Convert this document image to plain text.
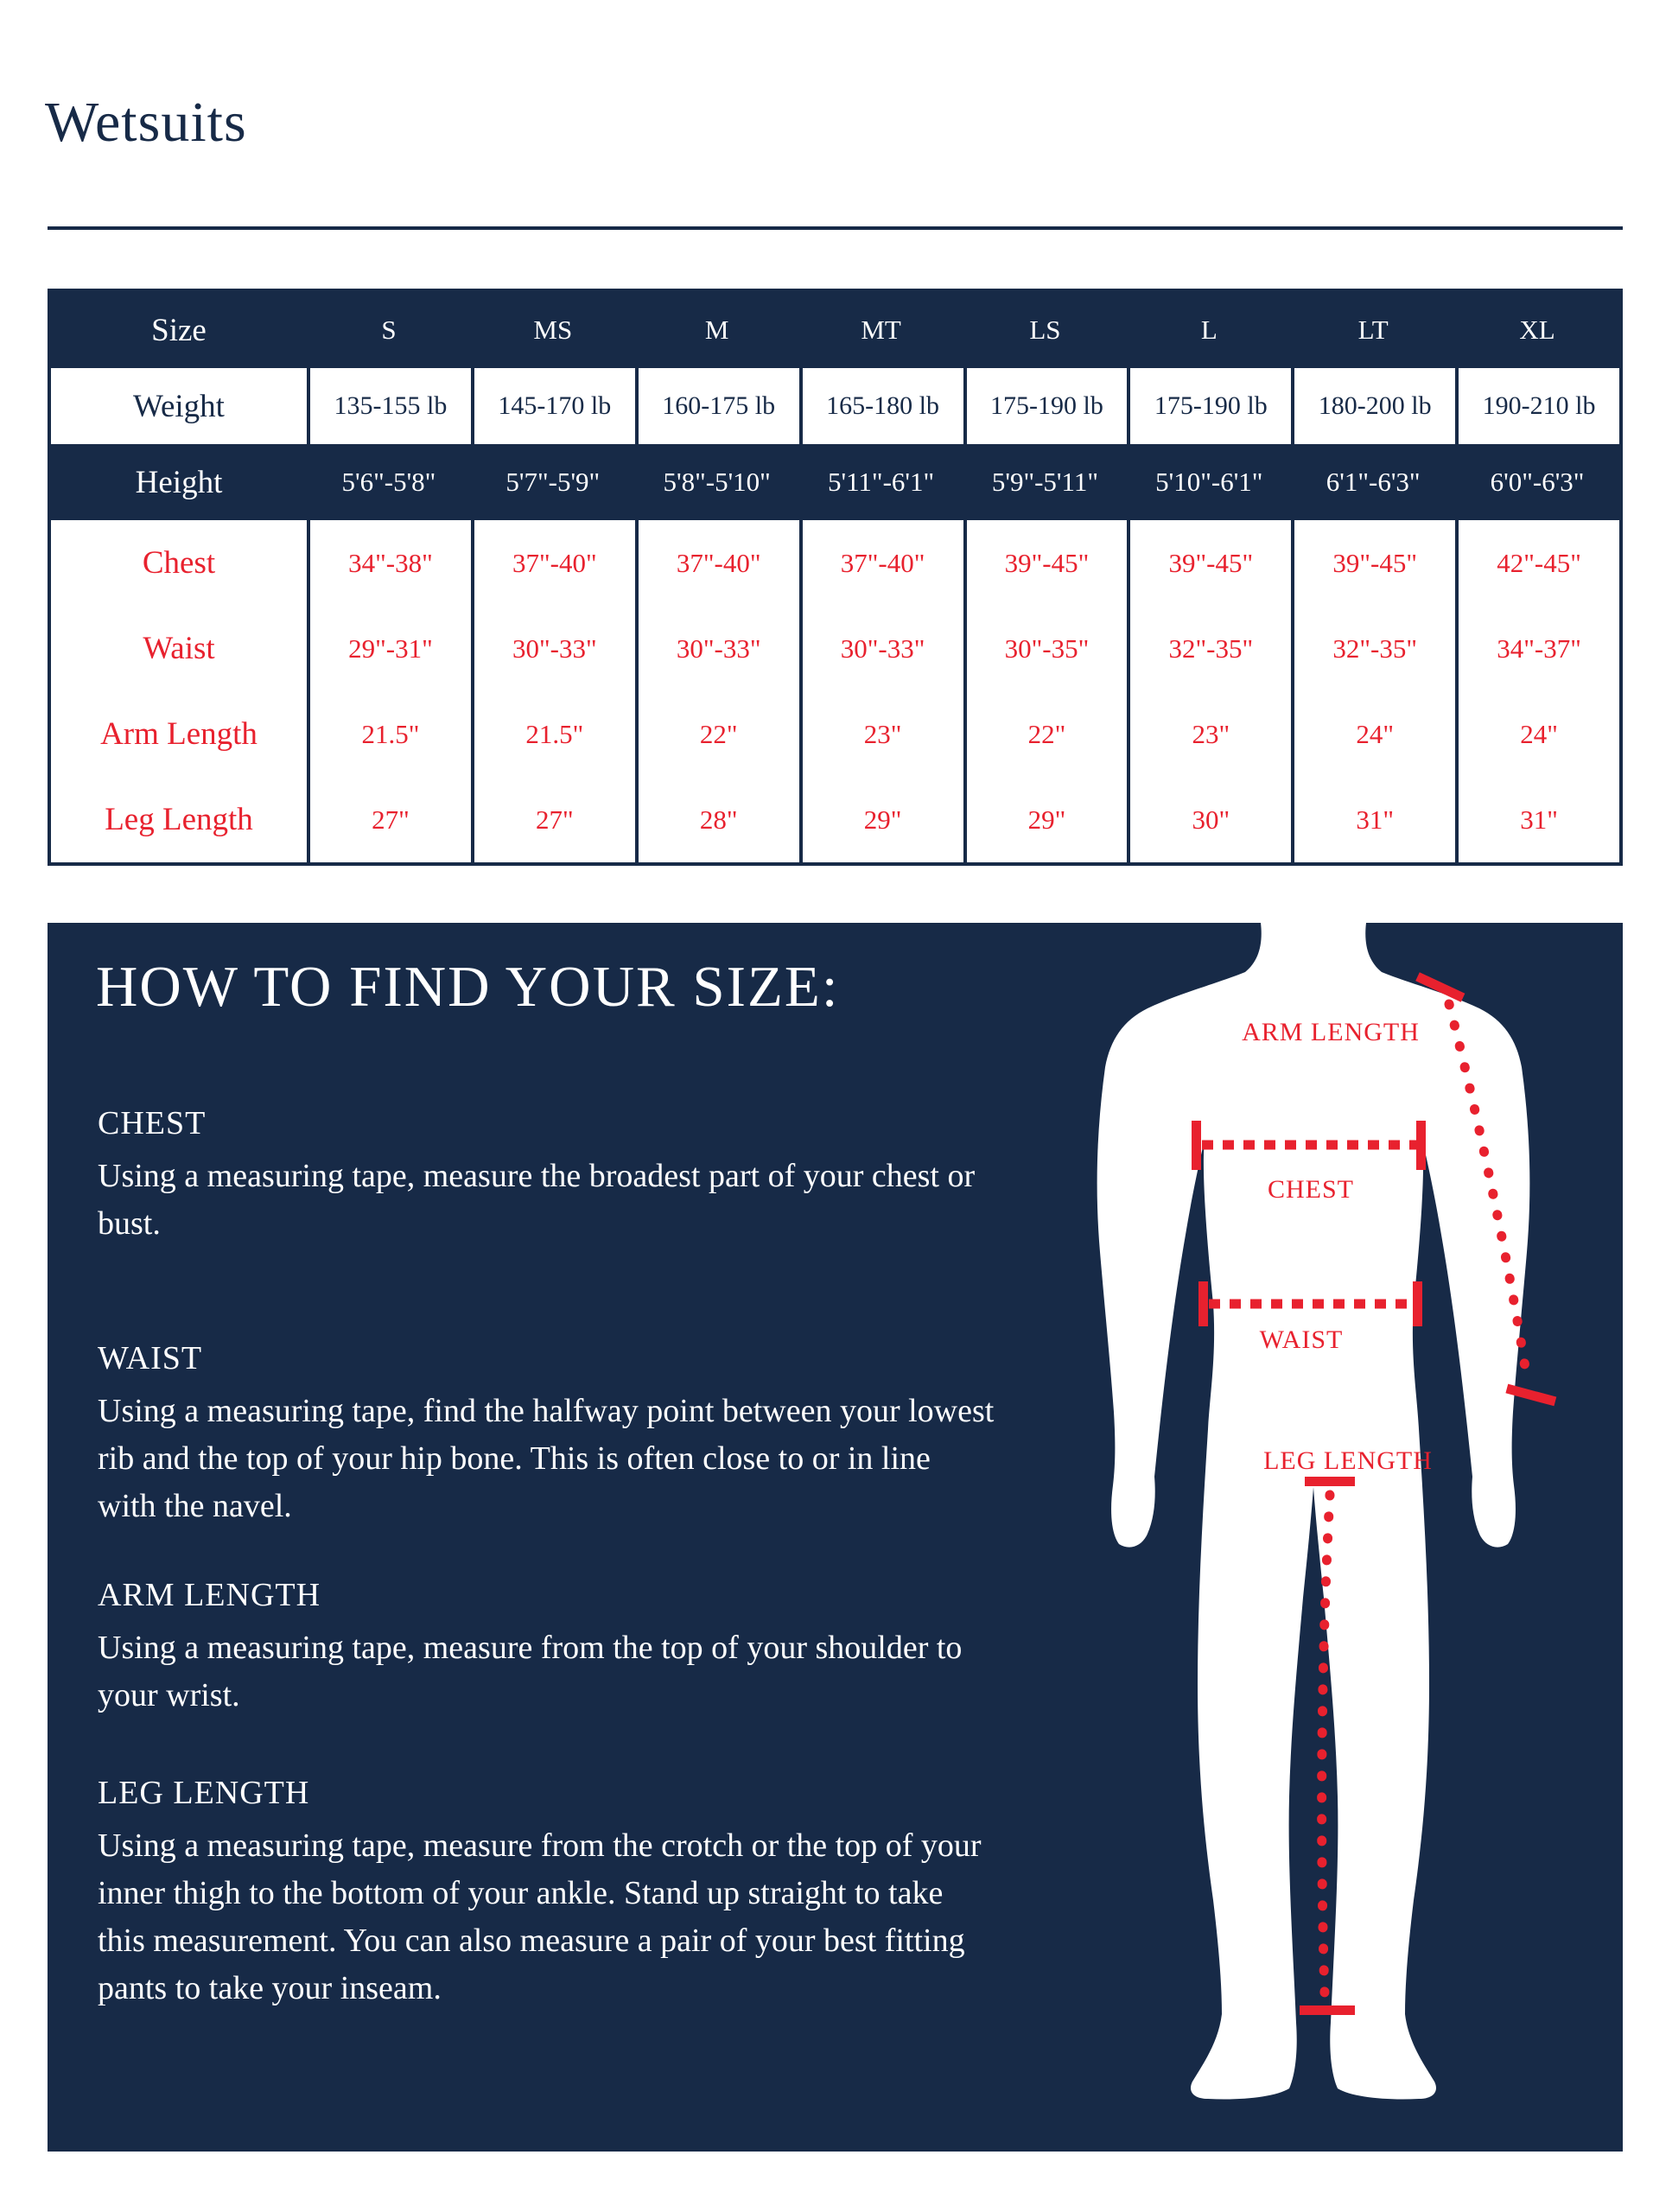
Wetsuits
Size	S	MS	M	MT	LS	L	LT	XL
Weight	135-155 lb	145-170 lb	160-175 lb	165-180 lb	175-190 lb	175-190 lb	180-200 lb	190-210 lb
Height	5'6"-5'8"	5'7"-5'9"	5'8"-5'10"	5'11"-6'1"	5'9"-5'11"	5'10"-6'1"	6'1"-6'3"	6'0"-6'3"
Chest	34"-38"	37"-40"	37"-40"	37"-40"	39"-45"	39"-45"	39"-45"	42"-45"
Waist	29"-31"	30"-33"	30"-33"	30"-33"	30"-35"	32"-35"	32"-35"	34"-37"
Arm Length	21.5"	21.5"	22"	23"	22"	23"	24"	24"
Leg Length	27"	27"	28"	29"	29"	30"	31"	31"
HOW TO FIND YOUR SIZE:
CHEST

Using a measuring tape, measure the broadest part of your chest or bust.

WAIST

Using a measuring tape, find the halfway point between your lowest rib and the top of your hip bone. This is often close to or in line with the navel.

ARM LENGTH

Using a measuring tape, measure from the top of your shoulder to your wrist.

LEG LENGTH

Using a measuring tape, measure from the crotch or the top of your inner thigh to the bottom of your ankle. Stand up straight to take this measurement. You can also measure a pair of your best fitting pants to take your inseam.

ARM LENGTH
CHEST
WAIST
LEG LENGTH
